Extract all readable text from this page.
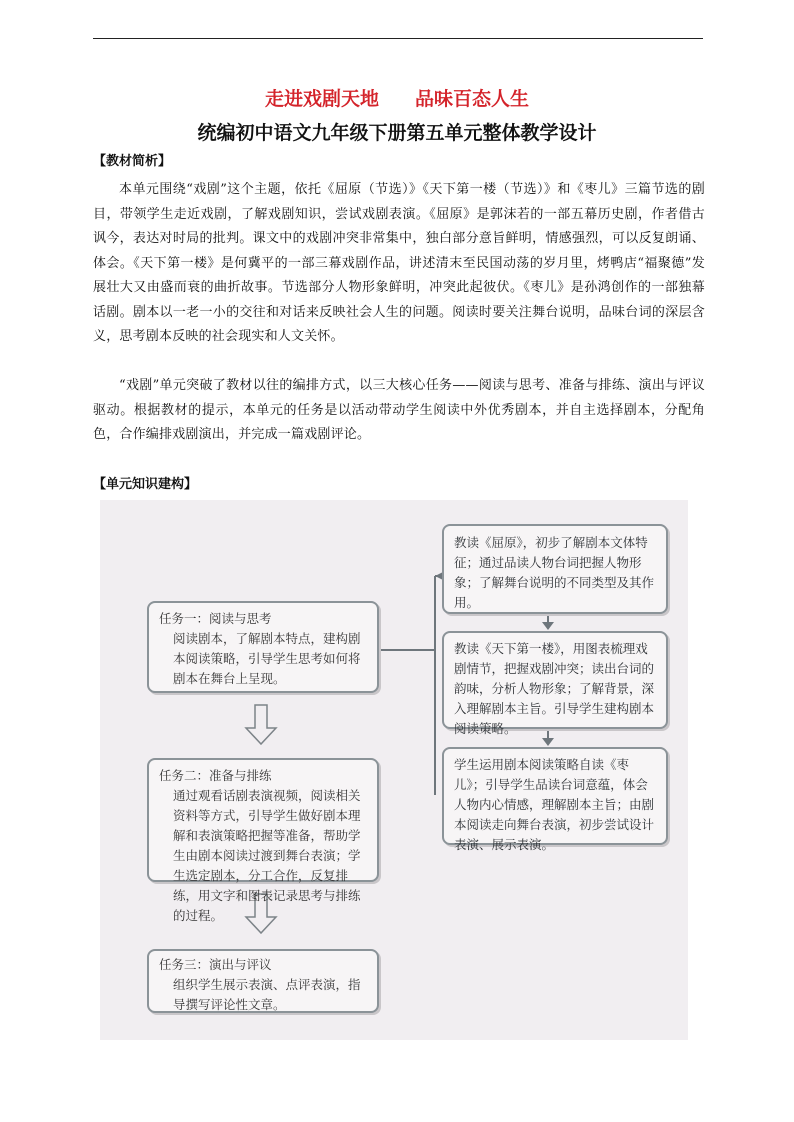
走进戏剧天地 品味百态人生
统编初中语文九年级下册第五单元整体教学设计
【教材简析】
本单元围绕“戏剧”这个主题，依托《屈原（节选）》《天下第一楼（节选）》和《枣儿》三篇节选的剧目，带领学生走近戏剧，了解戏剧知识，尝试戏剧表演。《屈原》是郭沫若的一部五幕历史剧，作者借古讽今，表达对时局的批判。课文中的戏剧冲突非常集中，独白部分意旨鲜明，情感强烈，可以反复朗诵、体会。《天下第一楼》是何冀平的一部三幕戏剧作品，讲述清末至民国动荡的岁月里，烤鸭店“福聚德”发展壮大又由盛而衰的曲折故事。节选部分人物形象鲜明，冲突此起彼伏。《枣儿》是孙鸿创作的一部独幕话剧。剧本以一老一小的交往和对话来反映社会人生的问题。阅读时要关注舞台说明，品味台词的深层含义，思考剧本反映的社会现实和人文关怀。
“戏剧”单元突破了教材以往的编排方式，以三大核心任务——阅读与思考、准备与排练、演出与评议驱动。根据教材的提示，本单元的任务是以活动带动学生阅读中外优秀剧本，并自主选择剧本，分配角色，合作编排戏剧演出，并完成一篇戏剧评论。
【单元知识建构】
任务一：阅读与思考
阅读剧本，了解剧本特点，建构剧本阅读策略，引导学生思考如何将剧本在舞台上呈现。
任务二：准备与排练
通过观看话剧表演视频，阅读相关资料等方式，引导学生做好剧本理解和表演策略把握等准备，帮助学生由剧本阅读过渡到舞台表演；学生选定剧本，分工合作，反复排练，用文字和图表记录思考与排练的过程。
任务三：演出与评议
组织学生展示表演、点评表演，指导撰写评论性文章。
教读《屈原》，初步了解剧本文体特征；通过品读人物台词把握人物形象；了解舞台说明的不同类型及其作用。
教读《天下第一楼》，用图表梳理戏剧情节，把握戏剧冲突；读出台词的韵味，分析人物形象；了解背景，深入理解剧本主旨。引导学生建构剧本阅读策略。
学生运用剧本阅读策略自读《枣儿》；引导学生品读台词意蕴，体会人物内心情感，理解剧本主旨；由剧本阅读走向舞台表演，初步尝试设计表演、展示表演。
